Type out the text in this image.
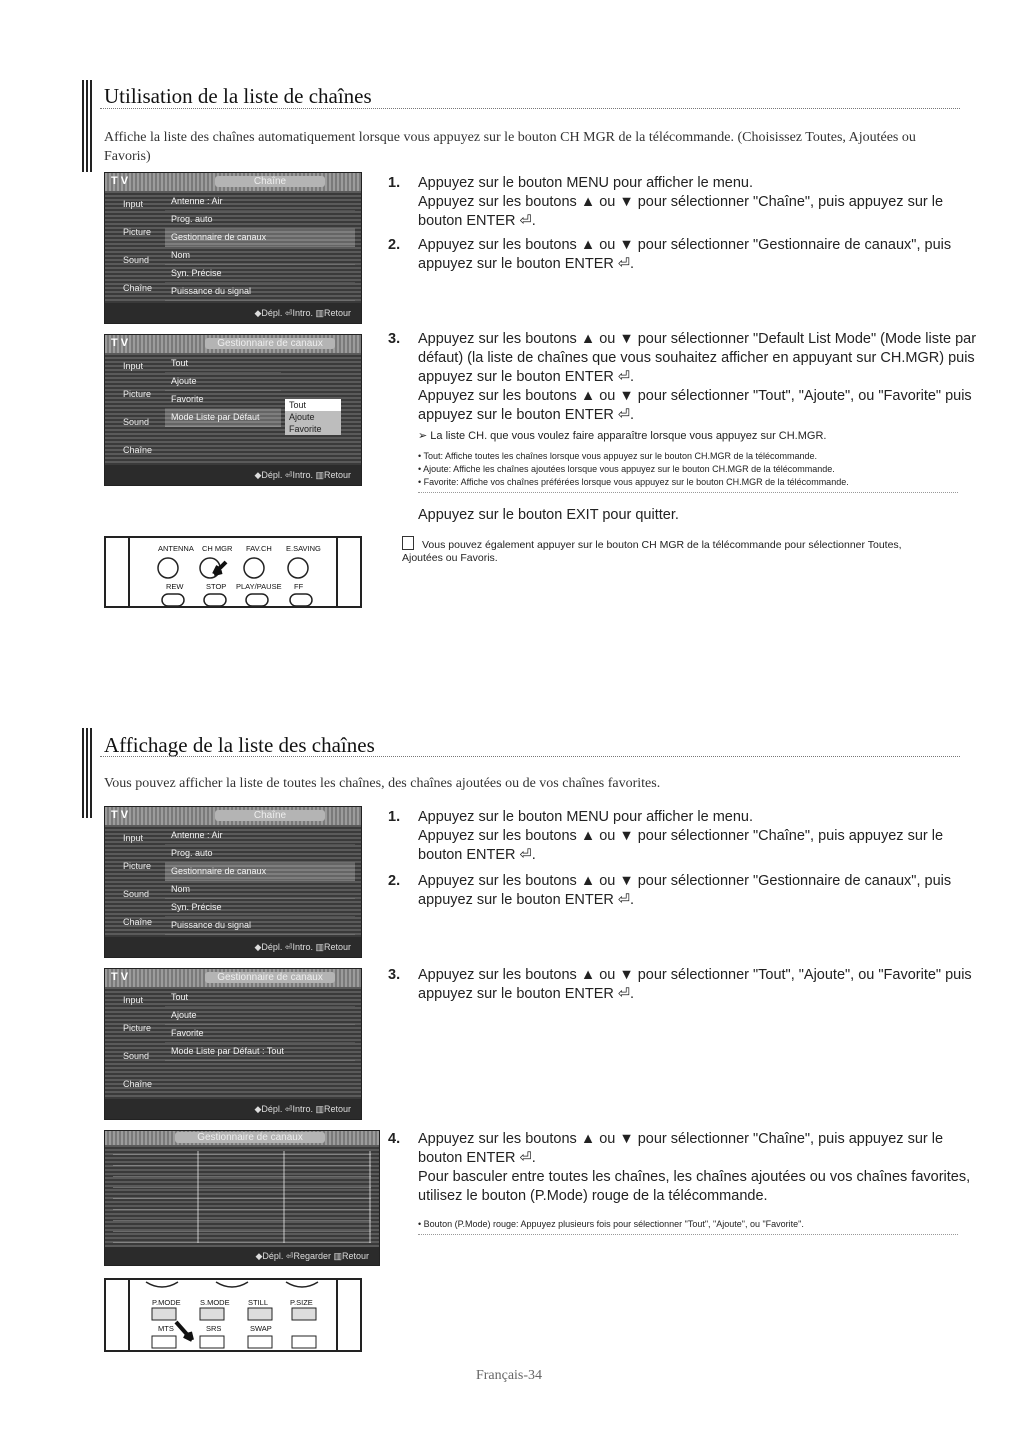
Utilisation de la liste de chaînes
Affiche la liste des chaînes automatiquement lorsque vous appuyez sur le bouton CH MGR de la télécommande. (Choisissez Toutes, Ajoutées ou Favoris)
T V	Chaîne
Input
Picture
Sound
Chaîne
Antenne : Air
Prog. auto
Gestionnaire de canaux
Nom
Syn. Précise
Puissance du signal
◆Dépl. ⏎Intro. ▥Retour
T V	Gestionnaire de canaux
Input
Picture
Sound
Chaîne
Tout
Ajoute
Favorite
Mode Liste par Défaut
Tout
Ajoute
Favorite
◆Dépl. ⏎Intro. ▥Retour
ANTENNA CH MGR FAV.CH E.SAVING
REW	STOP PLAY/PAUSE FF
1. Appuyez sur le bouton MENU pour afficher le menu.
Appuyez sur les boutons ▲ ou ▼ pour sélectionner "Chaîne", puis appuyez sur le bouton ENTER ⏎.
2. Appuyez sur les boutons ▲ ou ▼ pour sélectionner "Gestionnaire de canaux", puis appuyez sur le bouton ENTER ⏎.
3. Appuyez sur les boutons ▲ ou ▼ pour sélectionner "Default List Mode" (Mode liste par défaut) (la liste de chaînes que vous souhaitez afficher en appuyant sur CH.MGR) puis appuyez sur le bouton ENTER ⏎.
Appuyez sur les boutons ▲ ou ▼ pour sélectionner "Tout", "Ajoute", ou "Favorite" puis appuyez sur le bouton ENTER ⏎.
➢ La liste CH. que vous voulez faire apparaître lorsque vous appuyez sur CH.MGR.
• Tout: Affiche toutes les chaînes lorsque vous appuyez sur le bouton CH.MGR de la télécommande.
• Ajoute: Affiche les chaînes ajoutées lorsque vous appuyez sur le bouton CH.MGR de la télécommande.
• Favorite: Affiche vos chaînes préférées lorsque vous appuyez sur le bouton CH.MGR de la télécommande.
Appuyez sur le bouton EXIT pour quitter.
Vous pouvez également appuyer sur le bouton CH MGR de la télécommande pour sélectionner Toutes, Ajoutées ou Favoris.
Affichage de la liste des chaînes
Vous pouvez afficher la liste de toutes les chaînes, des chaînes ajoutées ou de vos chaînes favorites.
T V	Chaîne
Input
Picture
Sound
Chaîne
Antenne : Air
Prog. auto
Gestionnaire de canaux
Nom
Syn. Précise
Puissance du signal
◆Dépl. ⏎Intro. ▥Retour
T V	Gestionnaire de canaux
Input
Picture
Sound
Chaîne
Tout
Ajoute
Favorite
Mode Liste par Défaut : Tout
◆Dépl. ⏎Intro. ▥Retour
Gestionnaire de canaux
◆Dépl. ⏎Regarder ▥Retour
P.MODE	S.MODE STILL	P.SIZE
MTS	SRS	SWAP
1. Appuyez sur le bouton MENU pour afficher le menu.
Appuyez sur les boutons ▲ ou ▼ pour sélectionner "Chaîne", puis appuyez sur le bouton ENTER ⏎.
2. Appuyez sur les boutons ▲ ou ▼ pour sélectionner "Gestionnaire de canaux", puis appuyez sur le bouton ENTER ⏎.
3. Appuyez sur les boutons ▲ ou ▼ pour sélectionner "Tout", "Ajoute", ou "Favorite" puis appuyez sur le bouton ENTER ⏎.
4. Appuyez sur les boutons ▲ ou ▼ pour sélectionner "Chaîne", puis appuyez sur le bouton ENTER ⏎.
Pour basculer entre toutes les chaînes, les chaînes ajoutées ou vos chaînes favorites, utilisez le bouton (P.Mode) rouge de la télécommande.
• Bouton (P.Mode) rouge: Appuyez plusieurs fois pour sélectionner "Tout", "Ajoute", ou "Favorite".
Français-34
